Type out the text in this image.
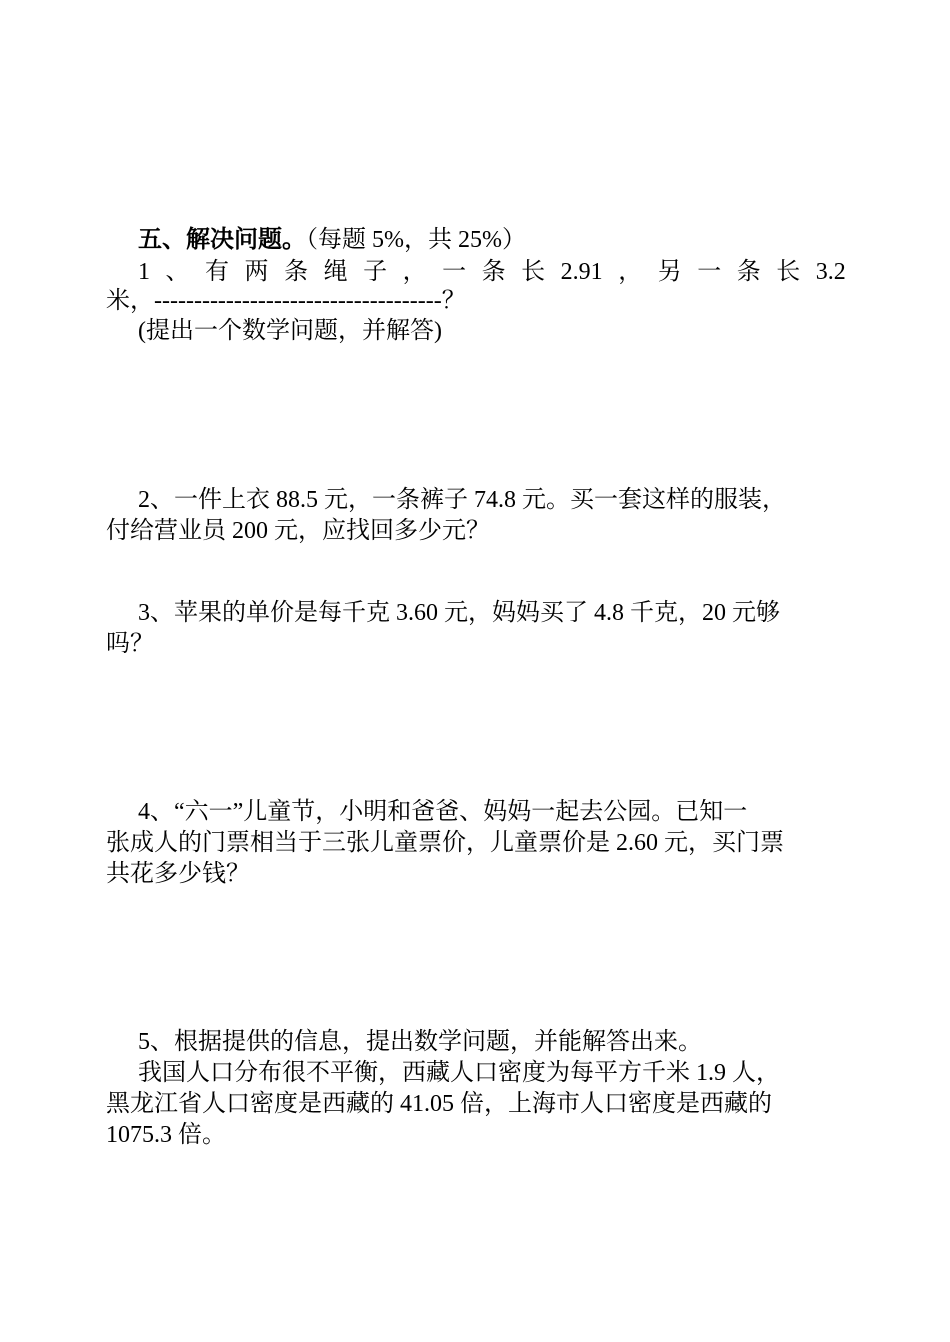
五、解决问题。（每题 5%，共 25%）
1 、 有 两 条 绳 子 ， 一 条 长 2.91 ， 另 一 条 长 3.2
米，------------------------------------？
(提出一个数学问题，并解答)
2、一件上衣 88.5 元，一条裤子 74.8 元。买一套这样的服装，
付给营业员 200 元，应找回多少元？
3、苹果的单价是每千克 3.60 元，妈妈买了 4.8 千克，20 元够
吗？
4、“六一”儿童节，小明和爸爸、妈妈一起去公园。已知一
张成人的门票相当于三张儿童票价，儿童票价是 2.60 元，买门票
共花多少钱？
5、根据提供的信息，提出数学问题，并能解答出来。
我国人口分布很不平衡，西藏人口密度为每平方千米 1.9 人，
黑龙江省人口密度是西藏的 41.05 倍，上海市人口密度是西藏的
1075.3 倍。
